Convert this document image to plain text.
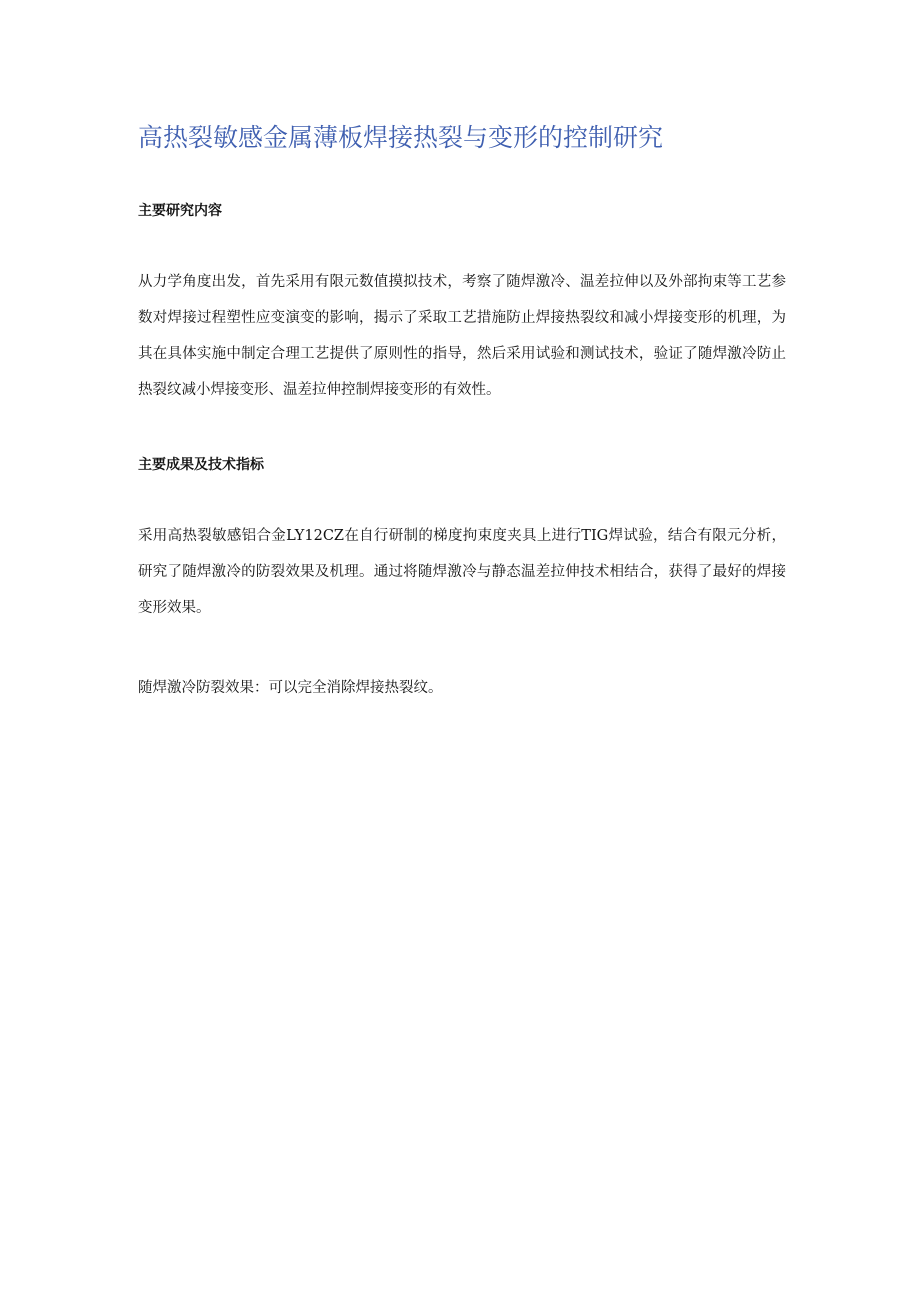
高热裂敏感金属薄板焊接热裂与变形的控制研究
主要研究内容

从力学角度出发，首先采用有限元数值摸拟技术，考察了随焊激冷、温差拉伸以及外部拘束等工艺参数对焊接过程塑性应变演变的影响，揭示了采取工艺措施防止焊接热裂纹和减小焊接变形的机理，为其在具体实施中制定合理工艺提供了原则性的指导，然后采用试验和测试技术，验证了随焊激冷防止热裂纹减小焊接变形、温差拉伸控制焊接变形的有效性。

主要成果及技术指标

采用高热裂敏感铝合金LY12CZ在自行研制的梯度拘束度夹具上进行TIG焊试验，结合有限元分析，研究了随焊激冷的防裂效果及机理。通过将随焊激冷与静态温差拉伸技术相结合，获得了最好的焊接变形效果。

随焊激冷防裂效果：可以完全消除焊接热裂纹。
